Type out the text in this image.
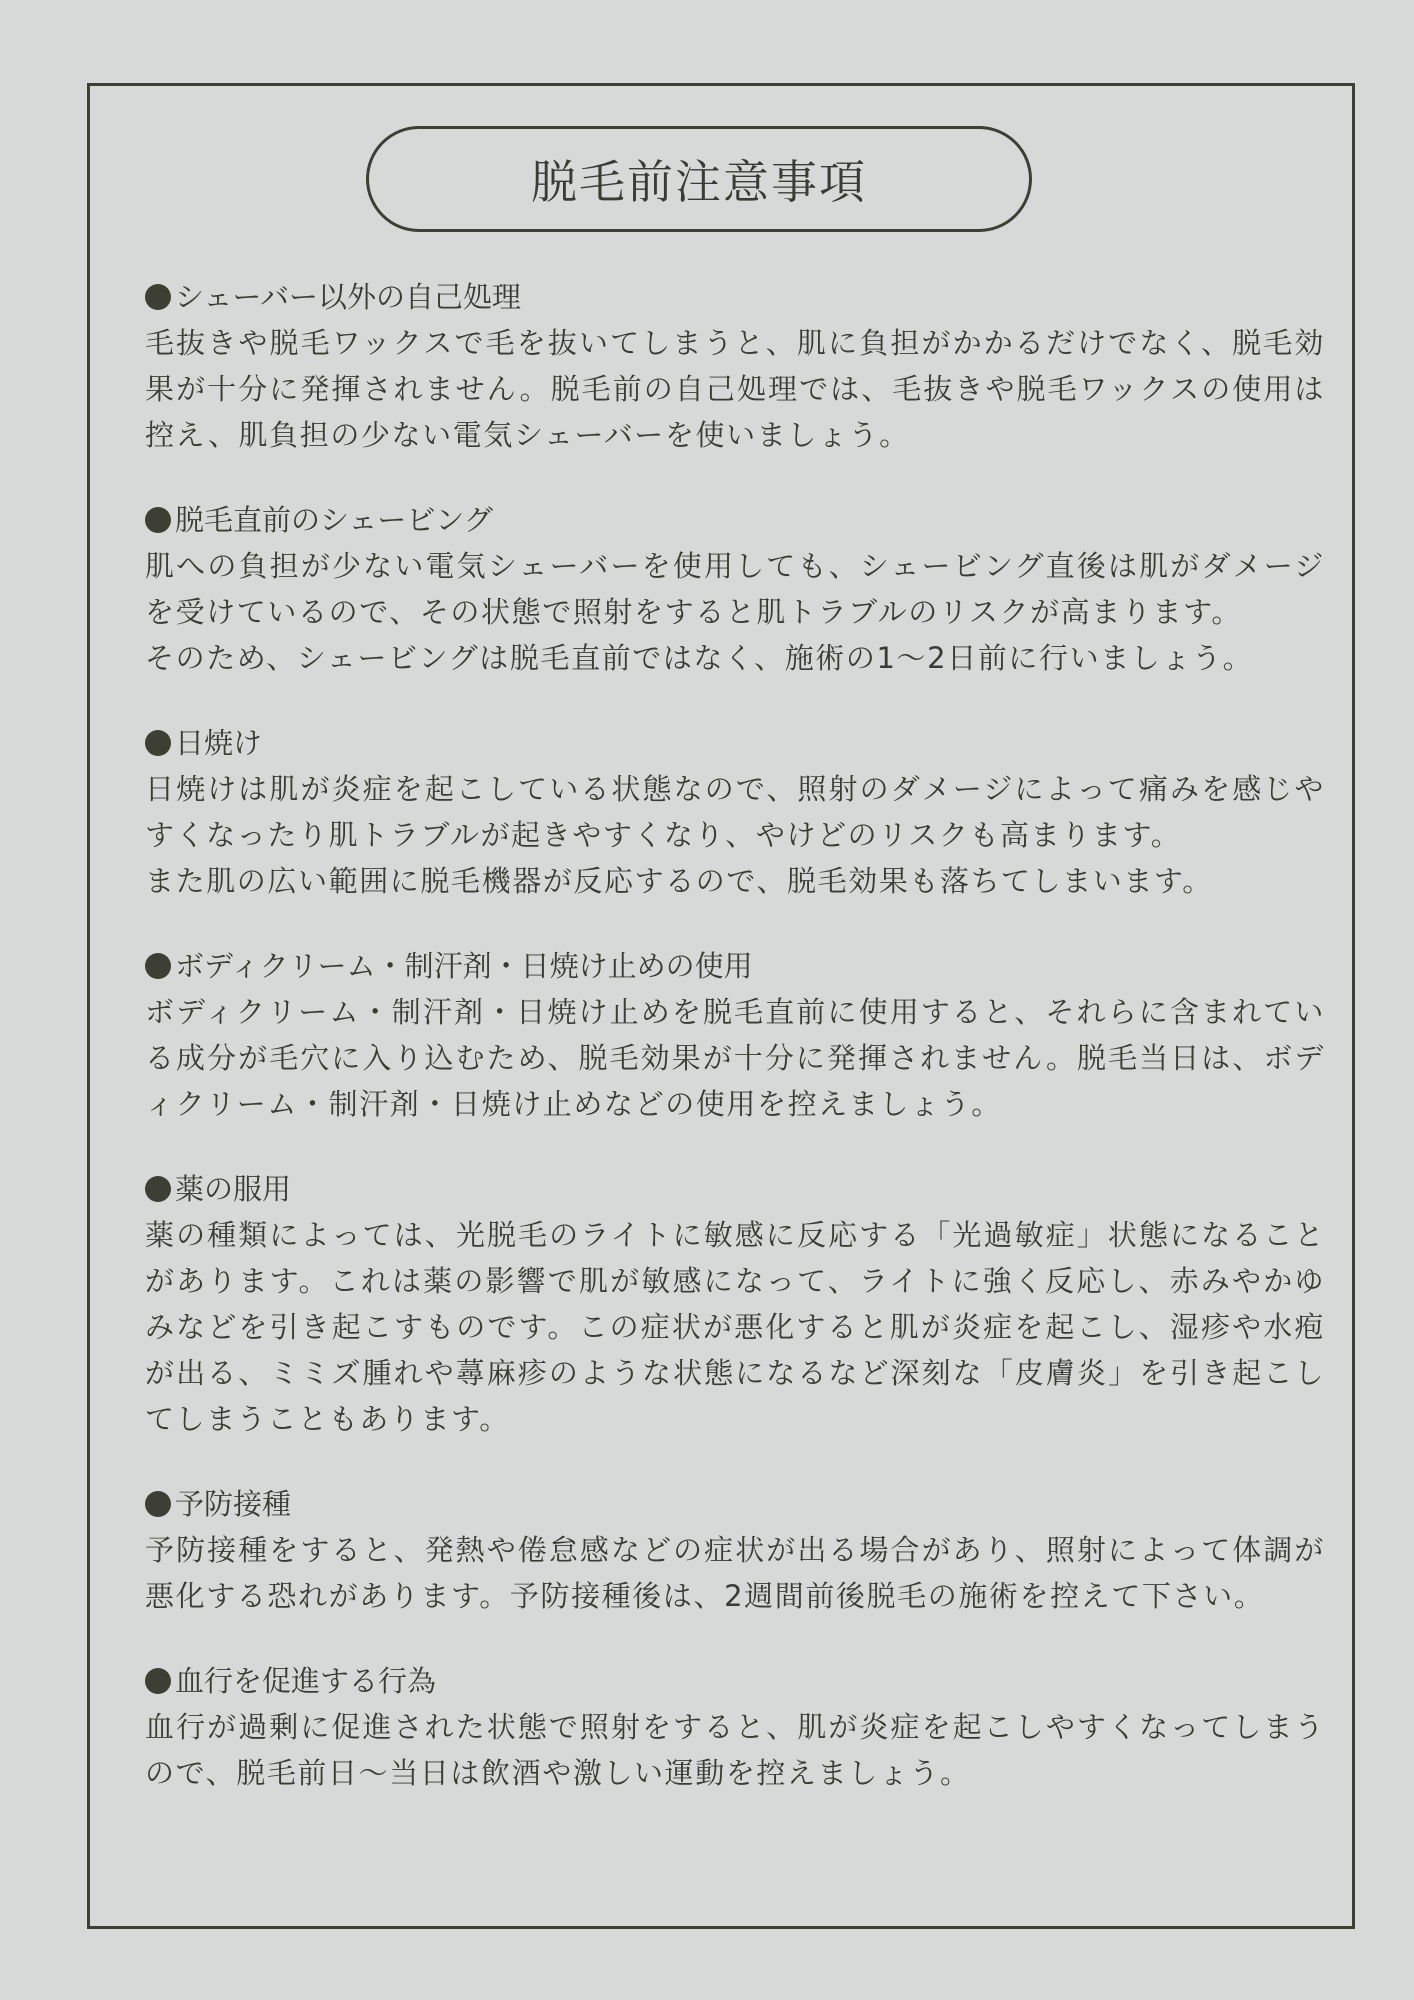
脱毛前注意事項
シェーバー以外の自己処理
毛抜きや脱毛ワックスで毛を抜いてしまうと、肌に負担がかかるだけでなく、脱毛効果が十分に発揮されません。脱毛前の自己処理では、毛抜きや脱毛ワックスの使用は控え、肌負担の少ない電気シェーバーを使いましょう。
脱毛直前のシェービング
肌への負担が少ない電気シェーバーを使用しても、シェービング直後は肌がダメージを受けているので、その状態で照射をすると肌トラブルのリスクが高まります。
そのため、シェービングは脱毛直前ではなく、施術の1〜2日前に行いましょう。
日焼け
日焼けは肌が炎症を起こしている状態なので、照射のダメージによって痛みを感じやすくなったり肌トラブルが起きやすくなり、やけどのリスクも高まります。
また肌の広い範囲に脱毛機器が反応するので、脱毛効果も落ちてしまいます。
ボディクリーム・制汗剤・日焼け止めの使用
ボディクリーム・制汗剤・日焼け止めを脱毛直前に使用すると、それらに含まれている成分が毛穴に入り込むため、脱毛効果が十分に発揮されません。脱毛当日は、ボディクリーム・制汗剤・日焼け止めなどの使用を控えましょう。
薬の服用
薬の種類によっては、光脱毛のライトに敏感に反応する「光過敏症」状態になることがあります。これは薬の影響で肌が敏感になって、ライトに強く反応し、赤みやかゆみなどを引き起こすものです。この症状が悪化すると肌が炎症を起こし、湿疹や水疱が出る、ミミズ腫れや蕁麻疹のような状態になるなど深刻な「皮膚炎」を引き起こしてしまうこともあります。
予防接種
予防接種をすると、発熱や倦怠感などの症状が出る場合があり、照射によって体調が悪化する恐れがあります。予防接種後は、2週間前後脱毛の施術を控えて下さい。
血行を促進する行為
血行が過剰に促進された状態で照射をすると、肌が炎症を起こしやすくなってしまうので、脱毛前日〜当日は飲酒や激しい運動を控えましょう。
